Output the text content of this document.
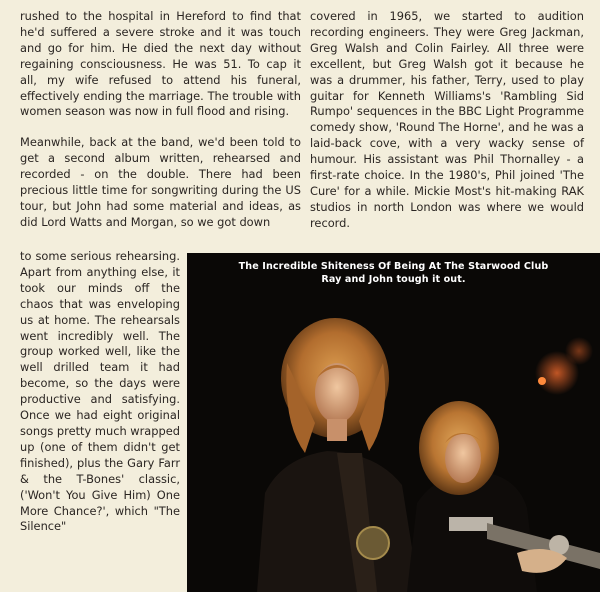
rushed to the hospital in Hereford to find that he'd suffered a severe stroke and it was touch and go for him. He died the next day without regaining consciousness. He was 51. To cap it all, my wife refused to attend his funeral, effectively ending the marriage. The trouble with women season was now in full flood and rising.

Meanwhile, back at the band, we'd been told to get a second album written, rehearsed and recorded - on the double. There had been precious little time for songwriting during the US tour, but John had some material and ideas, as did Lord Watts and Morgan, so we got down

covered in 1965, we started to audition recording engineers. They were Greg Jackman, Greg Walsh and Colin Fairley. All three were excellent, but Greg Walsh got it because he was a drummer, his father, Terry, used to play guitar for Kenneth Williams's 'Rambling Sid Rumpo' sequences in the BBC Light Programme comedy show, 'Round The Horne', and he was a laid-back cove, with a very wacky sense of humour. His assistant was Phil Thornalley - a first-rate choice. In the 1980's, Phil joined 'The Cure' for a while. Mickie Most's hit-making RAK studios in north London was where we would record.

to some serious rehearsing. Apart from anything else, it took our minds off the chaos that was enveloping us at home. The rehearsals went incredibly well. The group worked well, like the well drilled team it had become, so the days were productive and satisfying. Once we had eight original songs pretty much wrapped up (one of them didn't get finished), plus the Gary Farr & the T-Bones' classic, ('Won't You Give Him) One More Chance?', which "The Silence"

The Incredible Shiteness Of Being At The Starwood Club
Ray and John tough it out.
